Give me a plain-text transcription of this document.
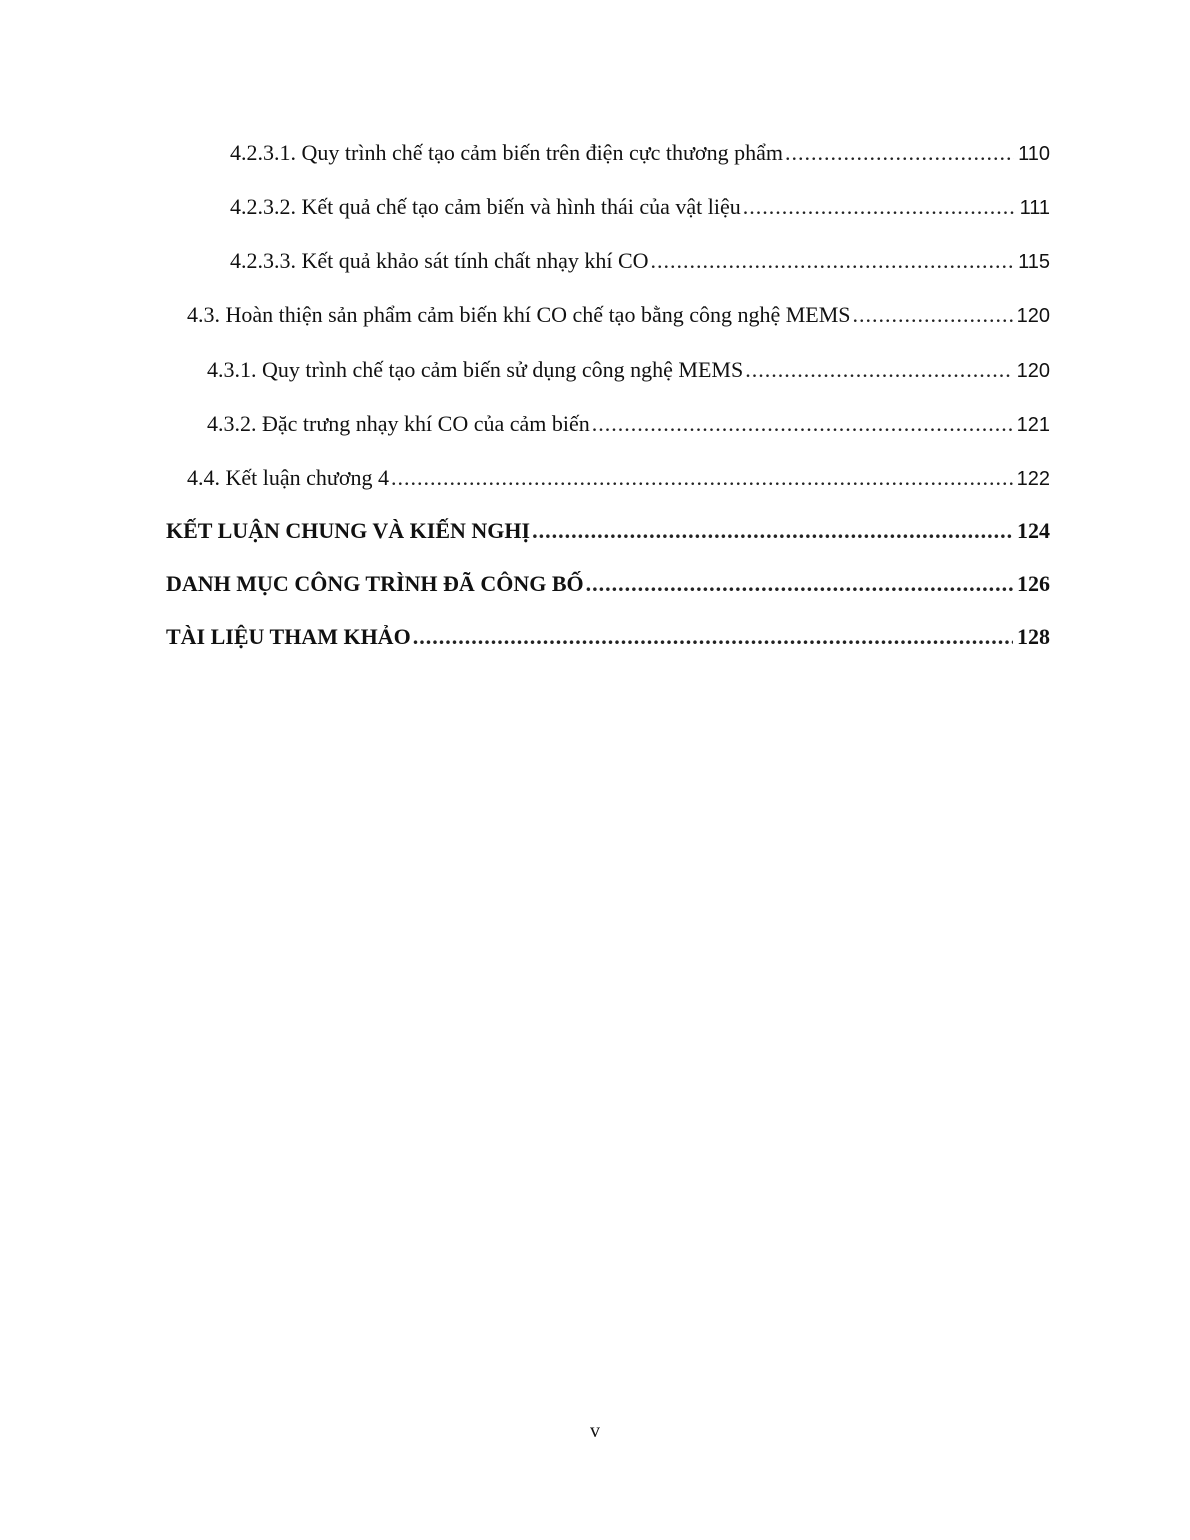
4.2.3.1. Quy trình chế tạo cảm biến trên điện cực thương phẩm .....	110
4.2.3.2. Kết quả chế tạo cảm biến và hình thái của vật liệu .....	111
4.2.3.3. Kết quả khảo sát tính chất nhạy khí CO .....	115
4.3. Hoàn thiện sản phẩm cảm biến khí CO chế tạo bằng công nghệ MEMS .....	120
4.3.1. Quy trình chế tạo cảm biến sử dụng công nghệ MEMS .....	120
4.3.2. Đặc trưng nhạy khí CO của cảm biến .....	121
4.4. Kết luận chương 4 .....	122
KẾT LUẬN CHUNG VÀ KIẾN NGHỊ .....	124
DANH MỤC CÔNG TRÌNH ĐÃ CÔNG BỐ .....	126
TÀI LIỆU THAM KHẢO .....	128
v
